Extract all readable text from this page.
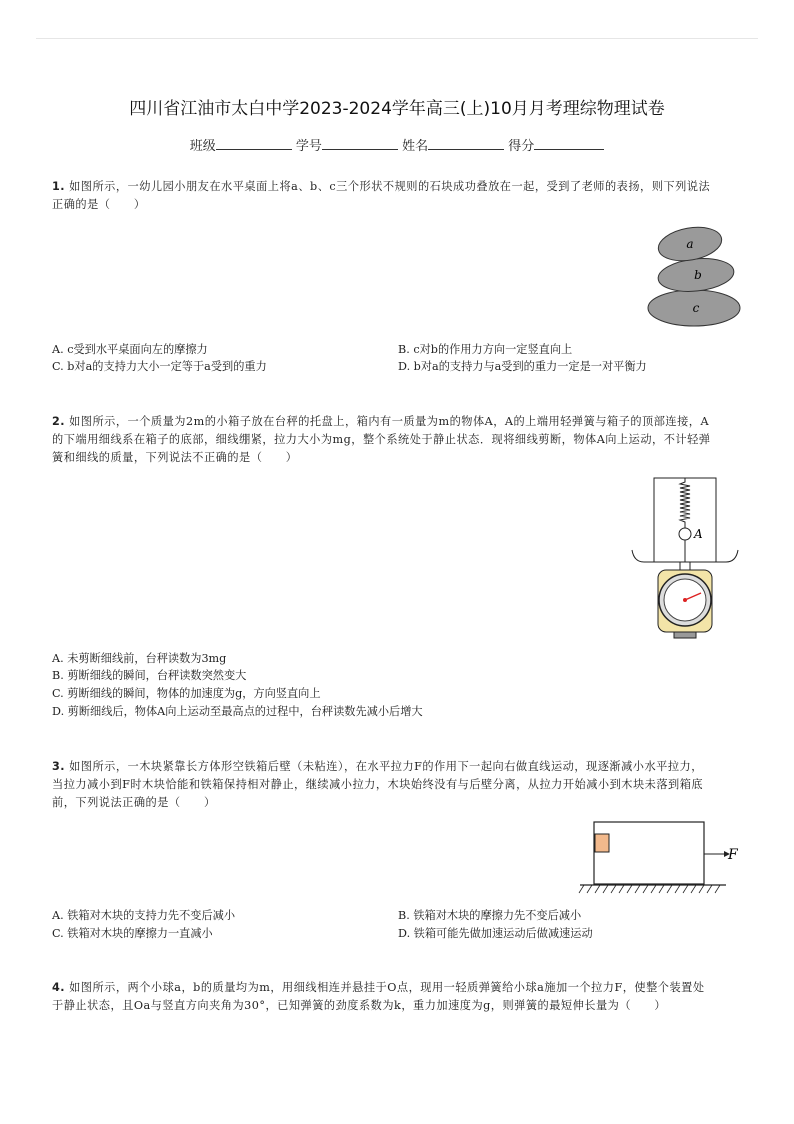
四川省江油市太白中学2023-2024学年高三(上)10月月考理综物理试卷
班级	学号	姓名	得分
1. 如图所示，一幼儿园小朋友在水平桌面上将a、b、c三个形状不规则的石块成功叠放在一起，受到了老师的表扬，则下列说法
正确的是（　　）
a
b
c
A. c受到水平桌面向左的摩擦力	B. c对b的作用力方向一定竖直向上
C. b对a的支持力大小一定等于a受到的重力	D. b对a的支持力与a受到的重力一定是一对平衡力
2. 如图所示，一个质量为2m的小箱子放在台秤的托盘上，箱内有一质量为m的物体A，A的上端用轻弹簧与箱子的顶部连接，A
的下端用细线系在箱子的底部，细线绷紧，拉力大小为mg，整个系统处于静止状态．现将细线剪断，物体A向上运动，不计轻弹
簧和细线的质量，下列说法不正确的是（　　）
A
A. 未剪断细线前，台秤读数为3mg
B. 剪断细线的瞬间，台秤读数突然变大
C. 剪断细线的瞬间，物体的加速度为g，方向竖直向上
D. 剪断细线后，物体A向上运动至最高点的过程中，台秤读数先减小后增大
3. 如图所示，一木块紧靠长方体形空铁箱后壁（未粘连），在水平拉力F的作用下一起向右做直线运动，现逐渐减小水平拉力，
当拉力减小到F时木块恰能和铁箱保持相对静止，继续减小拉力，木块始终没有与后壁分离，从拉力开始减小到木块未落到箱底
前，下列说法正确的是（　　）
F
A. 铁箱对木块的支持力先不变后减小	B. 铁箱对木块的摩擦力先不变后减小
C. 铁箱对木块的摩擦力一直减小	D. 铁箱可能先做加速运动后做减速运动
4. 如图所示，两个小球a，b的质量均为m，用细线相连并悬挂于O点，现用一轻质弹簧给小球a施加一个拉力F，使整个装置处
于静止状态，且Oa与竖直方向夹角为30°，已知弹簧的劲度系数为k，重力加速度为g，则弹簧的最短伸长量为（　　）
